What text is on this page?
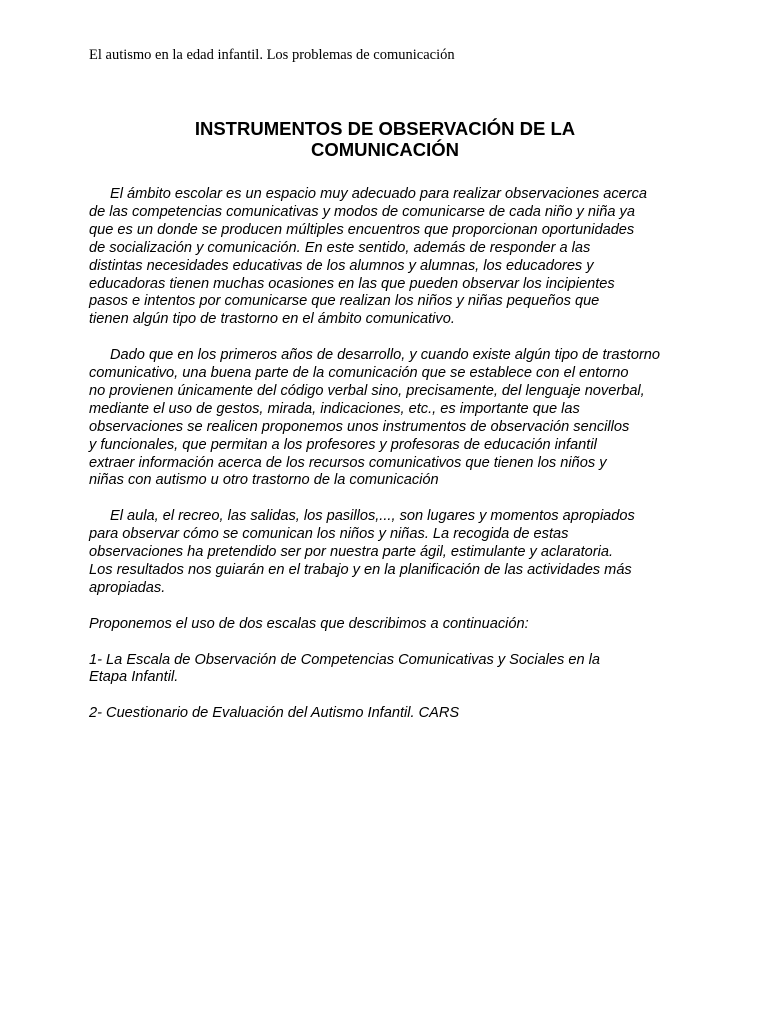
El autismo en la edad infantil. Los problemas de comunicación
INSTRUMENTOS DE OBSERVACIÓN DE LA
COMUNICACIÓN

El ámbito escolar es un espacio muy adecuado para realizar observaciones acerca
de las competencias comunicativas y modos de comunicarse de cada niño y niña ya
que es un donde se producen múltiples encuentros que proporcionan oportunidades
de socialización y comunicación. En este sentido, además de responder a las
distintas necesidades educativas de los alumnos y alumnas, los educadores y
educadoras tienen muchas ocasiones en las que pueden observar los incipientes
pasos e intentos por comunicarse que realizan los niños y niñas pequeños que
tienen algún tipo de trastorno en el ámbito comunicativo.

Dado que en los primeros años de desarrollo, y cuando existe algún tipo de trastorno
comunicativo, una buena parte de la comunicación que se establece con el entorno
no provienen únicamente del código verbal sino, precisamente, del lenguaje noverbal,
mediante el uso de gestos, mirada, indicaciones, etc., es importante que las
observaciones se realicen proponemos unos instrumentos de observación sencillos
y funcionales, que permitan a los profesores y profesoras de educación infantil
extraer información acerca de los recursos comunicativos que tienen los niños y
niñas con autismo u otro trastorno de la comunicación

El aula, el recreo, las salidas, los pasillos,..., son lugares y momentos apropiados
para observar cómo se comunican los niños y niñas. La recogida de estas
observaciones ha pretendido ser por nuestra parte ágil, estimulante y aclaratoria.
Los resultados nos guiarán en el trabajo y en la planificación de las actividades más
apropiadas.

Proponemos el uso de dos escalas que describimos a continuación:

1- La Escala de Observación de Competencias Comunicativas y Sociales en la
Etapa Infantil.

2- Cuestionario de Evaluación del Autismo Infantil. CARS
